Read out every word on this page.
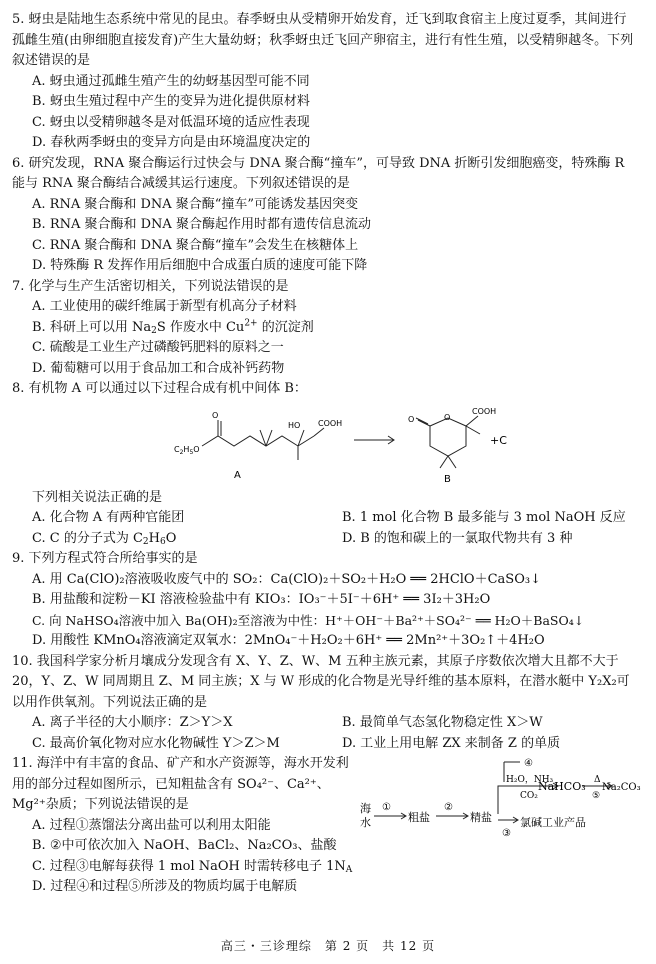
5. 蚜虫是陆地生态系统中常见的昆虫。春季蚜虫从受精卵开始发育，迁飞到取食宿主上度过夏季，其间进行孤雌生殖(由卵细胞直接发育)产生大量幼蚜；秋季蚜虫迁飞回产卵宿主，进行有性生殖，以受精卵越冬。下列叙述错误的是
A. 蚜虫通过孤雌生殖产生的幼蚜基因型可能不同
B. 蚜虫生殖过程中产生的变异为进化提供原材料
C. 蚜虫以受精卵越冬是对低温环境的适应性表现
D. 春秋两季蚜虫的变异方向是由环境温度决定的
6. 研究发现，RNA 聚合酶运行过快会与 DNA 聚合酶“撞车”，可导致 DNA 折断引发细胞癌变，特殊酶 R 能与 RNA 聚合酶结合减缓其运行速度。下列叙述错误的是
A. RNA 聚合酶和 DNA 聚合酶“撞车”可能诱发基因突变
B. RNA 聚合酶和 DNA 聚合酶起作用时都有遗传信息流动
C. RNA 聚合酶和 DNA 聚合酶“撞车”会发生在核糖体上
D. 特殊酶 R 发挥作用后细胞中合成蛋白质的速度可能下降
7. 化学与生产生活密切相关，下列说法错误的是
A. 工业使用的碳纤维属于新型有机高分子材料
B. 科研上可以用 $Na_2S$ 作废水中 $Cu^{2+}$ 的沉淀剂
C. 硫酸是工业生产过磷酸钙肥料的原料之一
D. 葡萄糖可以用于食品加工和合成补钙药物
8. 有机物 A 可以通过以下过程合成有机中间体 B：
O
$C_2H_5O$
HO COOH
A
O	O
COOH
+C
B
下列相关说法正确的是
A. 化合物 A 有两种官能团	B. 1 mol 化合物 B 最多能与 3 mol NaOH 反应
C. C 的分子式为 $C_2H_6O$	D. B 的饱和碳上的一氯取代物共有 3 种
9. 下列方程式符合所给事实的是
A. 用 Ca(ClO)₂溶液吸收废气中的 SO₂：Ca(ClO)₂＋SO₂＋H₂O ══ 2HClO＋CaSO₃↓
B. 用盐酸和淀粉－KI 溶液检验盐中有 KIO₃：IO₃⁻＋5I⁻＋6H⁺ ══ 3I₂＋3H₂O
C. 向 NaHSO₄溶液中加入 Ba(OH)₂至溶液为中性：H⁺＋OH⁻＋Ba²⁺＋SO₄²⁻ ══ H₂O＋BaSO₄↓
D. 用酸性 KMnO₄溶液滴定双氧水：2MnO₄⁻＋H₂O₂＋6H⁺ ══ 2Mn²⁺＋3O₂↑＋4H₂O
10. 我国科学家分析月壤成分发现含有 X、Y、Z、W、M 五种主族元素，其原子序数依次增大且都不大于 20，Y、Z、W 同周期且 Z、M 同主族；X 与 W 形成的化合物是光导纤维的基本原料，在潜水艇中 Y₂X₂可以用作供氧剂。下列说法正确的是
A. 离子半径的大小顺序：Z＞Y＞X	B. 最简单气态氢化物稳定性 X＞W
C. 最高价氧化物对应水化物碱性 Y＞Z＞M	D. 工业上用电解 ZX 来制备 Z 的单质
11. 海洋中有丰富的食品、矿产和水产资源等，海水开发利用的部分过程如图所示，已知粗盐含有 SO₄²⁻、Ca²⁺、Mg²⁺杂质；下列说法错误的是
A. 过程①蒸馏法分离出盐可以利用太阳能
B. ②中可依次加入 NaOH、BaCl₂、Na₂CO₃、盐酸
C. 过程③电解每获得 1 mol NaOH 时需转移电子 $1N_A$
D. 过程④和过程⑤所涉及的物质均属于电解质
海
水
①
粗盐
②
精盐
③
氯碱工业产品
④
H₂O，NH₃
CO₂
NaHCO₃ Δ
⑤
Na₂CO₃
高三・三诊理综　第 2 页　共 12 页
